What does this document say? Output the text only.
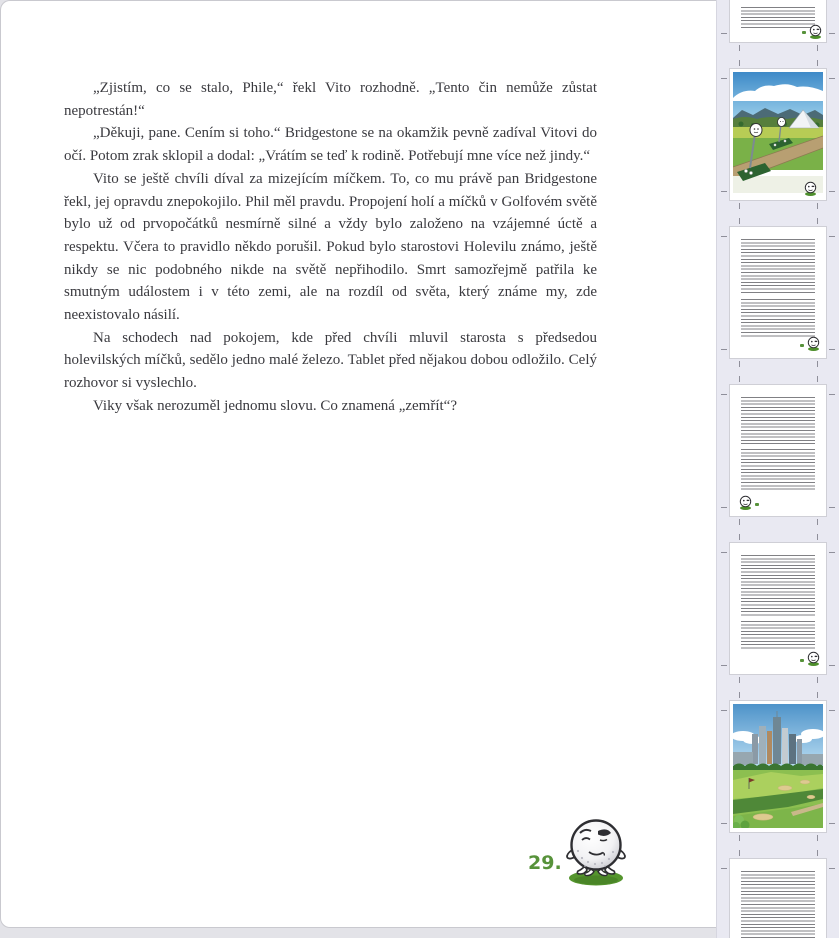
„Zjistím, co se stalo, Phile,“ řekl Vito rozhodně. „Tento čin nemůže zůstat nepotrestán!“

„Děkuji, pane. Cením si toho.“ Bridgestone se na okamžik pevně zadíval Vitovi do očí. Potom zrak sklopil a dodal: „Vrátím se teď k rodině. Potřebují mne více než jindy.“

Vito se ještě chvíli díval za mizejícím míčkem. To, co mu právě pan Bridgestone řekl, jej opravdu znepokojilo. Phil měl pravdu. Propojení holí a míčků v Golfovém světě bylo už od prvopočátků nesmírně silné a vždy bylo založeno na vzájemné úctě a respektu. Včera to pravidlo někdo porušil. Pokud bylo starostovi Holevilu známo, ještě nikdy se nic podobného nikde na světě nepřihodilo. Smrt samozřejmě patřila ke smutným událostem i v této zemi, ale na rozdíl od světa, který známe my, zde neexistovalo násilí.

Na schodech nad pokojem, kde před chvíli mluvil starosta s předsedou holevilských míčků, sedělo jedno malé železo. Tablet před nějakou dobou odložilo. Celý rozhovor si vyslechlo.

Viky však nerozuměl jednomu slovu. Co znamená „zemřít“?

29.
